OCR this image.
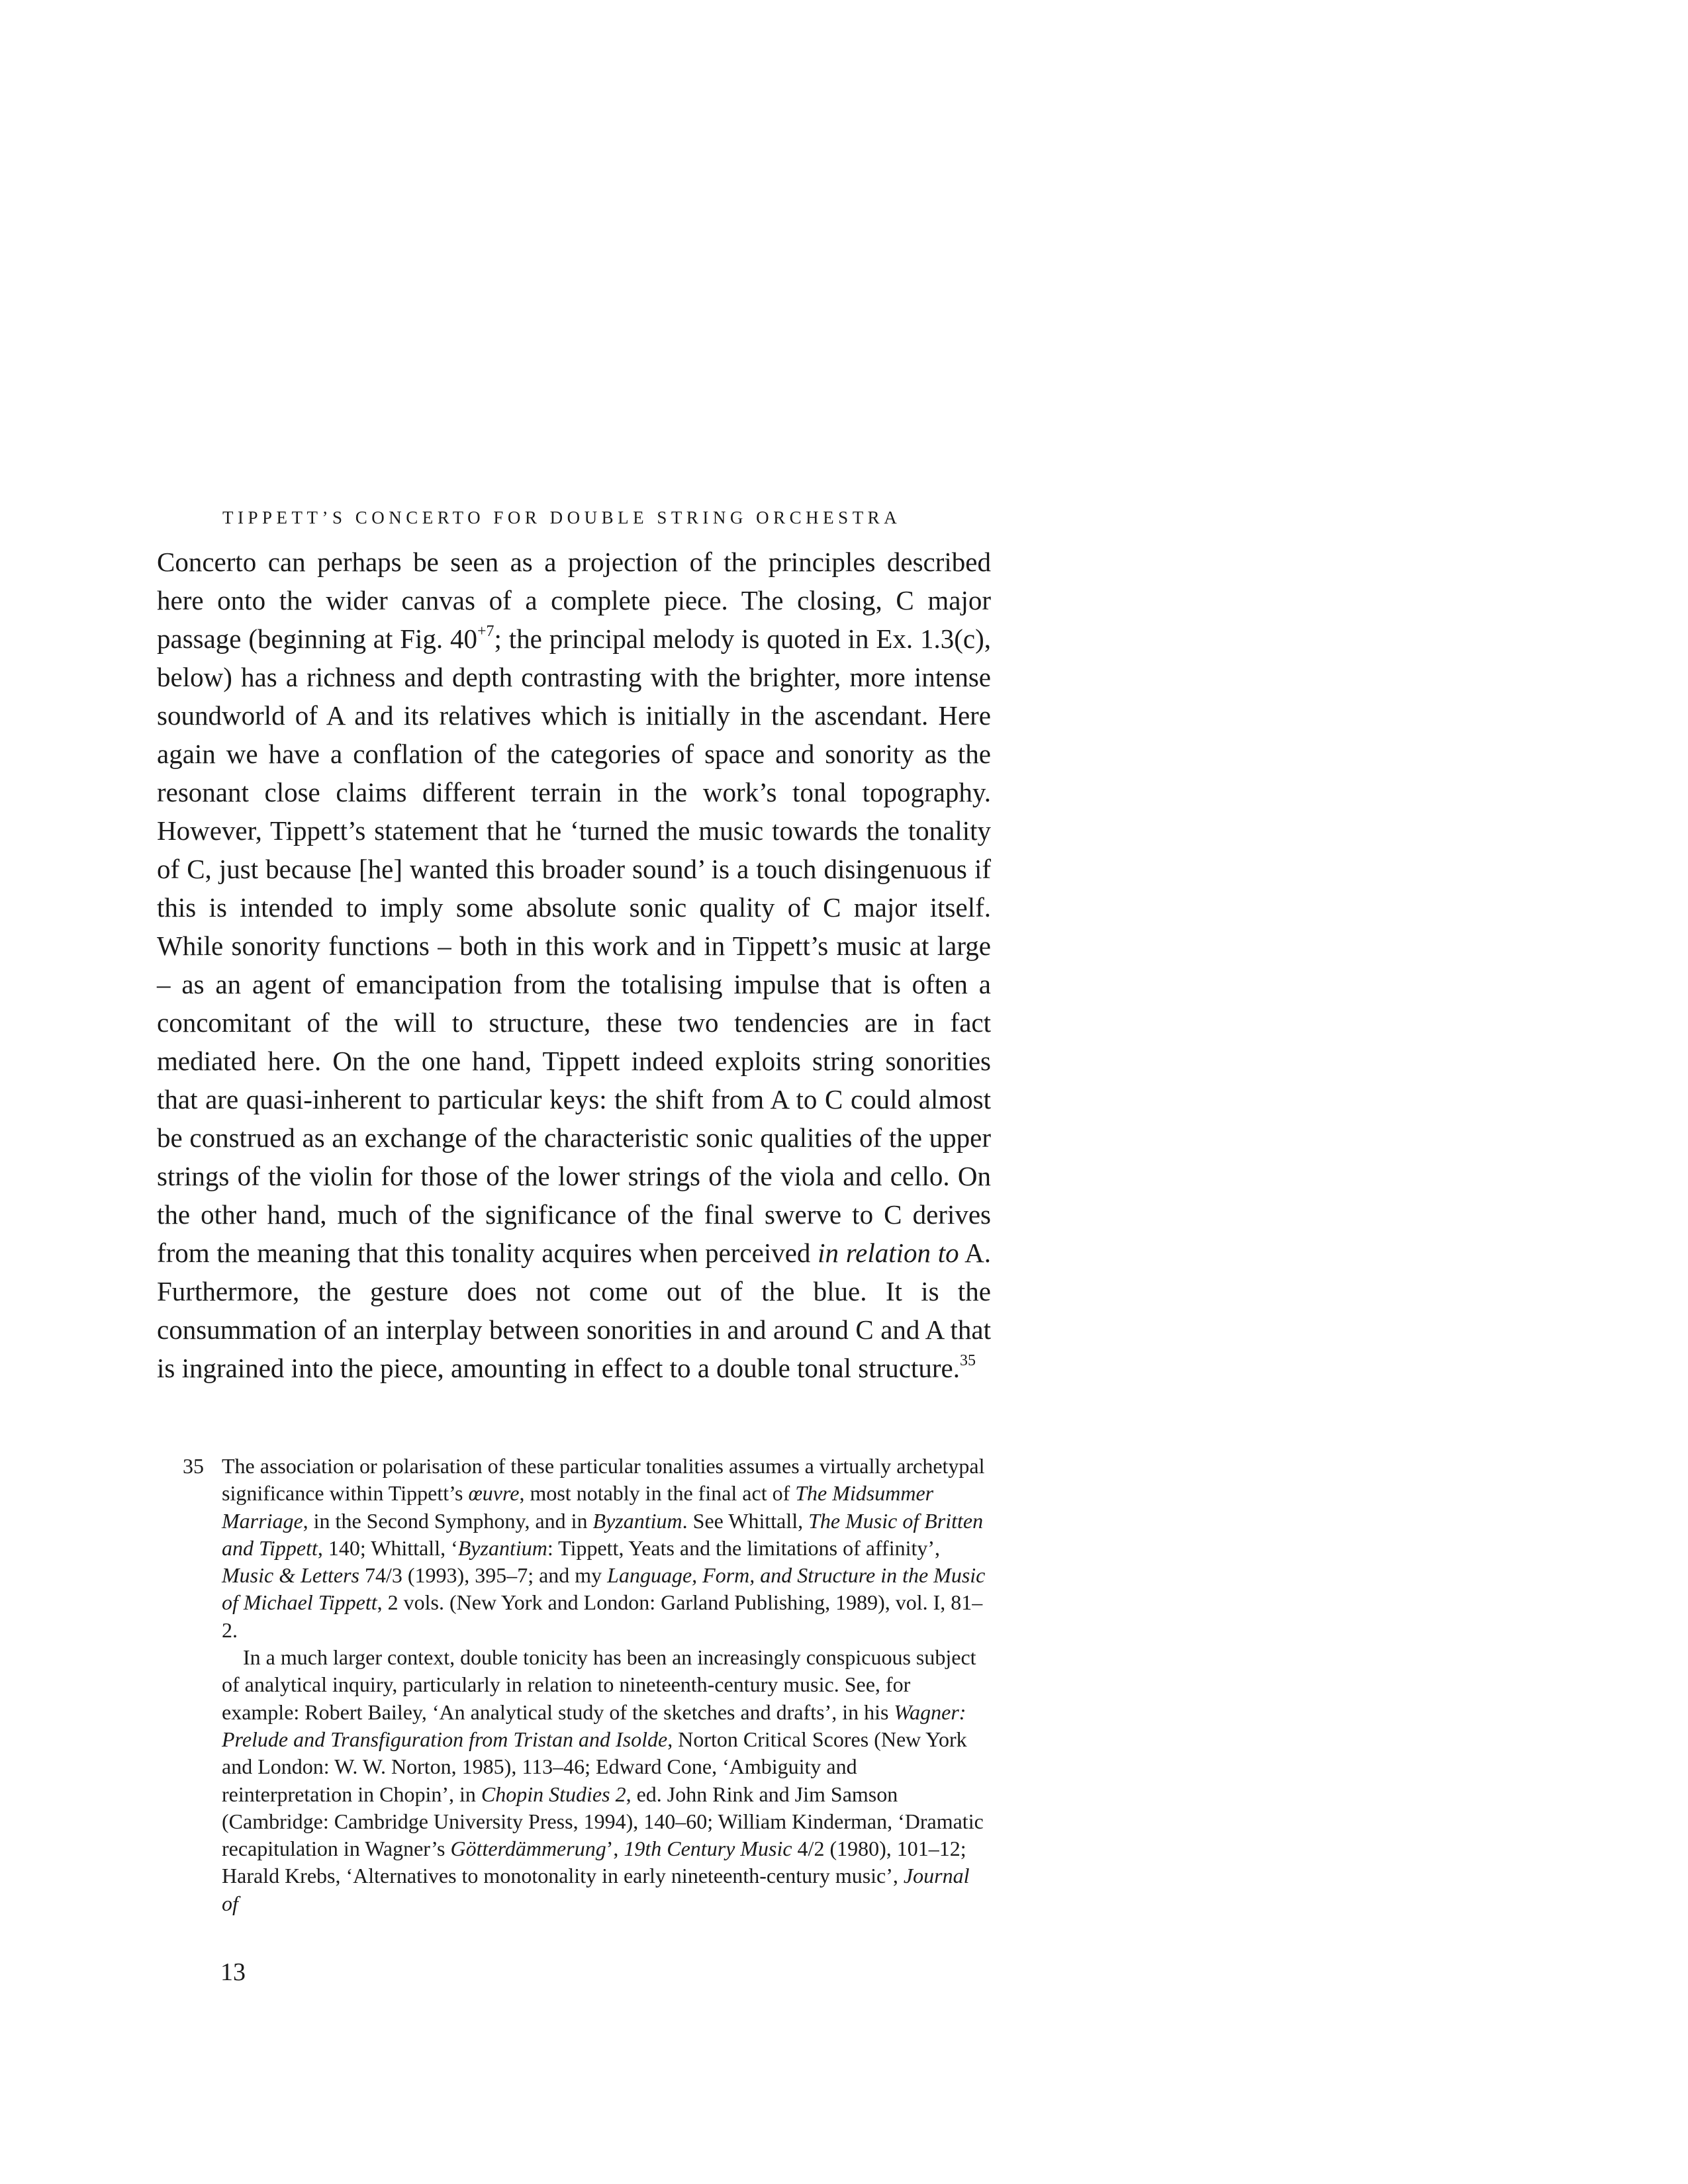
TIPPETT’S CONCERTO FOR DOUBLE STRING ORCHESTRA

Concerto can perhaps be seen as a projection of the principles described here onto the wider canvas of a complete piece. The closing, C major passage (beginning at Fig. 40$^{+7}$; the principal melody is quoted in Ex. 1.3(c), below) has a richness and depth contrasting with the brighter, more intense soundworld of A and its relatives which is initially in the ascendant. Here again we have a conflation of the categories of space and sonority as the resonant close claims different terrain in the work’s tonal topography. However, Tippett’s statement that he ‘turned the music towards the tonality of C, just because [he] wanted this broader sound’ is a touch disingenuous if this is intended to imply some absolute sonic quality of C major itself. While sonority functions – both in this work and in Tippett’s music at large – as an agent of emancipation from the totalising impulse that is often a concomitant of the will to structure, these two tendencies are in fact mediated here. On the one hand, Tippett indeed exploits string sonorities that are quasi-inherent to particular keys: the shift from A to C could almost be construed as an exchange of the characteristic sonic qualities of the upper strings of the violin for those of the lower strings of the viola and cello. On the other hand, much of the significance of the final swerve to C derives from the meaning that this tonality acquires when perceived in relation to A. Furthermore, the gesture does not come out of the blue. It is the consummation of an interplay between sonorities in and around C and A that is ingrained into the piece, amounting in effect to a double tonal structure.$^{35}$

35 The association or polarisation of these particular tonalities assumes a virtually archetypal significance within Tippett’s œuvre, most notably in the final act of The Midsummer Marriage, in the Second Symphony, and in Byzantium. See Whittall, The Music of Britten and Tippett, 140; Whittall, ‘Byzantium: Tippett, Yeats and the limitations of affinity’, Music & Letters 74/3 (1993), 395–7; and my Language, Form, and Structure in the Music of Michael Tippett, 2 vols. (New York and London: Garland Publishing, 1989), vol. I, 81–2.

In a much larger context, double tonicity has been an increasingly conspicuous subject of analytical inquiry, particularly in relation to nineteenth-century music. See, for example: Robert Bailey, ‘An analytical study of the sketches and drafts’, in his Wagner: Prelude and Transfiguration from Tristan and Isolde, Norton Critical Scores (New York and London: W. W. Norton, 1985), 113–46; Edward Cone, ‘Ambiguity and reinterpretation in Chopin’, in Chopin Studies 2, ed. John Rink and Jim Samson (Cambridge: Cambridge University Press, 1994), 140–60; William Kinderman, ‘Dramatic recapitulation in Wagner’s Götterdämmerung’, 19th Century Music 4/2 (1980), 101–12; Harald Krebs, ‘Alternatives to monotonality in early nineteenth-century music’, Journal of

13
